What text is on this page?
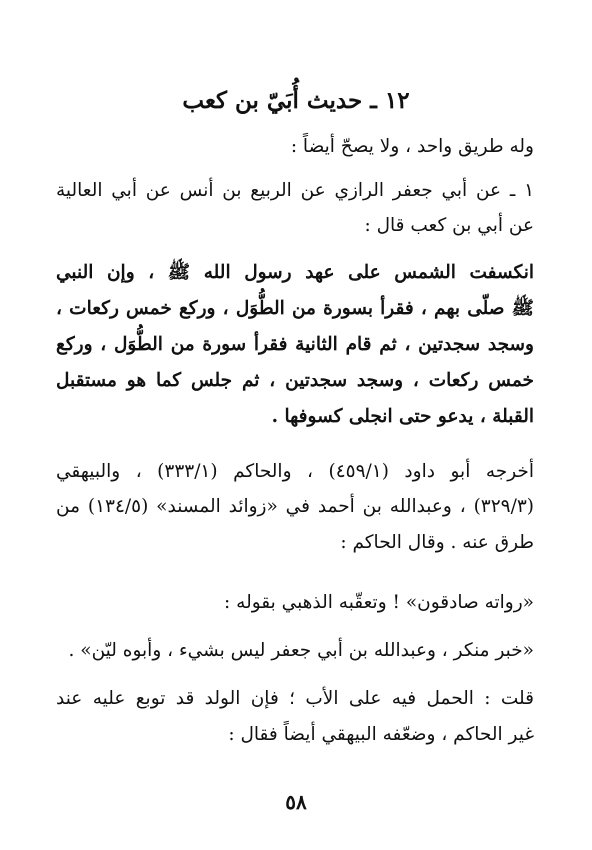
١٢ ـ حديث أُبَيّ بن كعب
وله طريق واحد ، ولا يصحّ أيضاً :
١ ـ عن أبي جعفر الرازي عن الربيع بن أنس عن أبي العالية
عن أبي بن كعب قال :
انكسفت الشمس على عهد رسول الله ﷺ ، وإن النبي
ﷺ صلّى بهم ، فقرأ بسورة من الطُّوَل ، وركع خمس ركعات ،
وسجد سجدتين ، ثم قام الثانية فقرأ سورة من الطُّوَل ، وركع
خمس ركعات ، وسجد سجدتين ، ثم جلس كما هو مستقبل
القبلة ، يدعو حتى انجلى كسوفها .
أخرجه أبو داود (٤٥٩/١) ، والحاكم (٣٣٣/١) ، والبيهقي
(٣٢٩/٣) ، وعبدالله بن أحمد في «زوائد المسند» (١٣٤/٥) من
طرق عنه . وقال الحاكم :
«رواته صادقون» ! وتعقّبه الذهبي بقوله :
«خبر منكر ، وعبدالله بن أبي جعفر ليس بشيء ، وأبوه ليّن» .
قلت : الحمل فيه على الأب ؛ فإن الولد قد توبع عليه عند
غير الحاكم ، وضعّفه البيهقي أيضاً فقال :
٥٨
